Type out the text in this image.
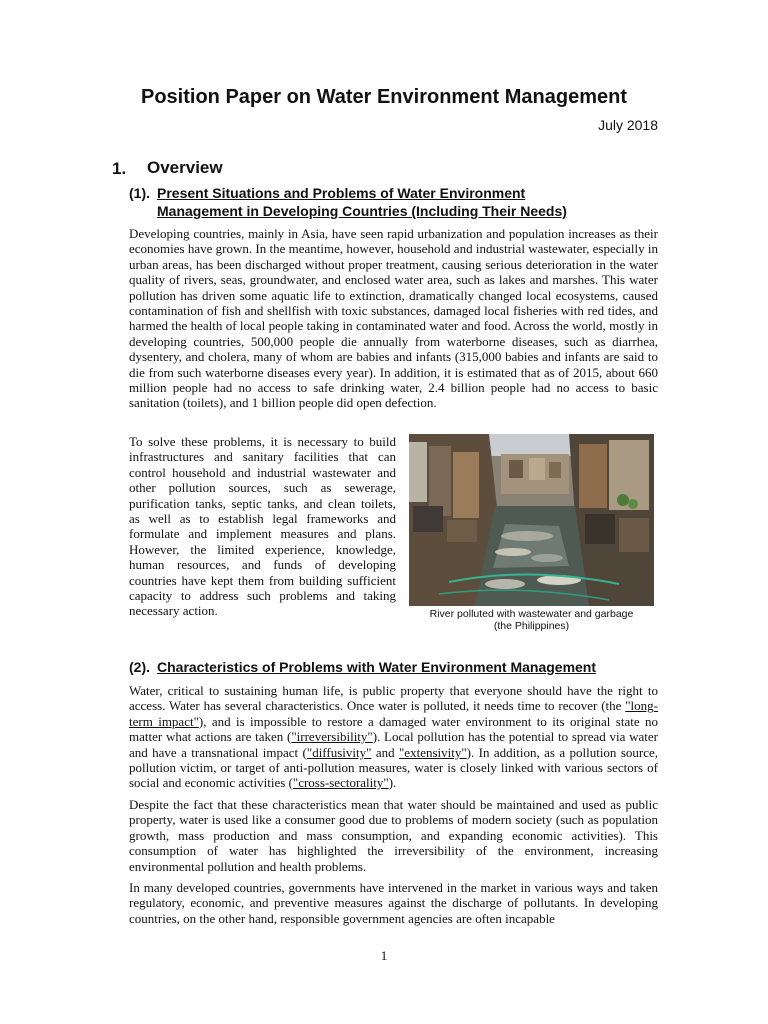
Position Paper on Water Environment Management
July 2018
1. Overview
(1). Present Situations and Problems of Water Environment
Management in Developing Countries (Including Their Needs)
Developing countries, mainly in Asia, have seen rapid urbanization and population increases as their economies have grown. In the meantime, however, household and industrial wastewater, especially in urban areas, has been discharged without proper treatment, causing serious deterioration in the water quality of rivers, seas, groundwater, and enclosed water area, such as lakes and marshes. This water pollution has driven some aquatic life to extinction, dramatically changed local ecosystems, caused contamination of fish and shellfish with toxic substances, damaged local fisheries with red tides, and harmed the health of local people taking in contaminated water and food. Across the world, mostly in developing countries, 500,000 people die annually from waterborne diseases, such as diarrhea, dysentery, and cholera, many of whom are babies and infants (315,000 babies and infants are said to die from such waterborne diseases every year). In addition, it is estimated that as of 2015, about 660 million people had no access to safe drinking water, 2.4 billion people had no access to basic sanitation (toilets), and 1 billion people did open defection.
To solve these problems, it is necessary to build infrastructures and sanitary facilities that can control household and industrial wastewater and other pollution sources, such as sewerage, purification tanks, septic tanks, and clean toilets, as well as to establish legal frameworks and formulate and implement measures and plans. However, the limited experience, knowledge, human resources, and funds of developing countries have kept them from building sufficient capacity to address such problems and taking necessary action.	River polluted with wastewater and garbage
(the Philippines)
(2). Characteristics of Problems with Water Environment Management
Water, critical to sustaining human life, is public property that everyone should have the right to access. Water has several characteristics. Once water is polluted, it needs time to recover (the "long-term impact"), and is impossible to restore a damaged water environment to its original state no matter what actions are taken ("irreversibility"). Local pollution has the potential to spread via water and have a transnational impact ("diffusivity" and "extensivity"). In addition, as a pollution source, pollution victim, or target of anti-pollution measures, water is closely linked with various sectors of social and economic activities ("cross-sectorality").
Despite the fact that these characteristics mean that water should be maintained and used as public property, water is used like a consumer good due to problems of modern society (such as population growth, mass production and mass consumption, and expanding economic activities). This consumption of water has highlighted the irreversibility of the environment, increasing environmental pollution and health problems.
In many developed countries, governments have intervened in the market in various ways and taken regulatory, economic, and preventive measures against the discharge of pollutants. In developing countries, on the other hand, responsible government agencies are often incapable
1
